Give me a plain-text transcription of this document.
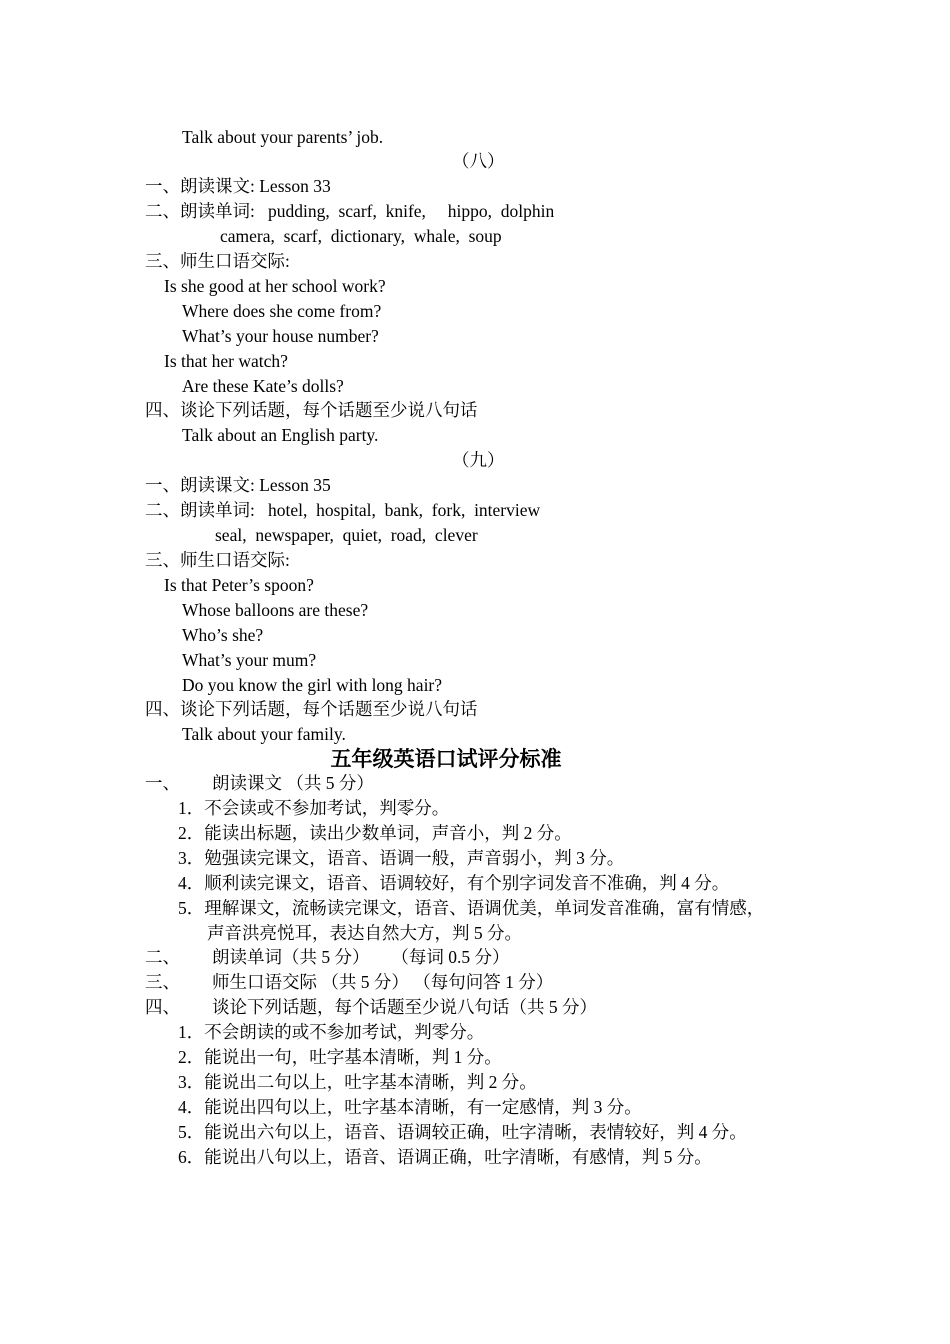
Talk about your parents’ job.
（八）
一、朗读课文: Lesson 33
二、朗读单词:   pudding,  scarf,  knife,     hippo,  dolphin
camera,  scarf,  dictionary,  whale,  soup
三、师生口语交际:
Is she good at her school work?
Where does she come from?
What’s your house number?
Is that her watch?
Are these Kate’s dolls?
四、谈论下列话题，每个话题至少说八句话
Talk about an English party.
（九）
一、朗读课文: Lesson 35
二、朗读单词:   hotel,  hospital,  bank,  fork,  interview
seal,  newspaper,  quiet,  road,  clever
三、师生口语交际:
Is that Peter’s spoon?
Whose balloons are these?
Who’s she?
What’s your mum?
Do you know the girl with long hair?
四、谈论下列话题，每个话题至少说八句话
Talk about your family.
五年级英语口试评分标准
一、 朗读课文 （共 5 分）
1．不会读或不参加考试，判零分。
2．能读出标题，读出少数单词，声音小，判 2 分。
3．勉强读完课文，语音、语调一般，声音弱小，判 3 分。
4．顺利读完课文，语音、语调较好，有个别字词发音不准确，判 4 分。
5．理解课文，流畅读完课文，语音、语调优美，单词发音准确，富有情感，
声音洪亮悦耳，表达自然大方，判 5 分。
二、 朗读单词（共 5 分）     （每词 0.5 分）
三、 师生口语交际 （共 5 分） （每句问答 1 分）
四、 谈论下列话题，每个话题至少说八句话（共 5 分）
1．不会朗读的或不参加考试，判零分。
2．能说出一句，吐字基本清晰，判 1 分。
3．能说出二句以上，吐字基本清晰，判 2 分。
4．能说出四句以上，吐字基本清晰，有一定感情，判 3 分。
5．能说出六句以上，语音、语调较正确，吐字清晰，表情较好，判 4 分。
6．能说出八句以上，语音、语调正确，吐字清晰，有感情，判 5 分。
